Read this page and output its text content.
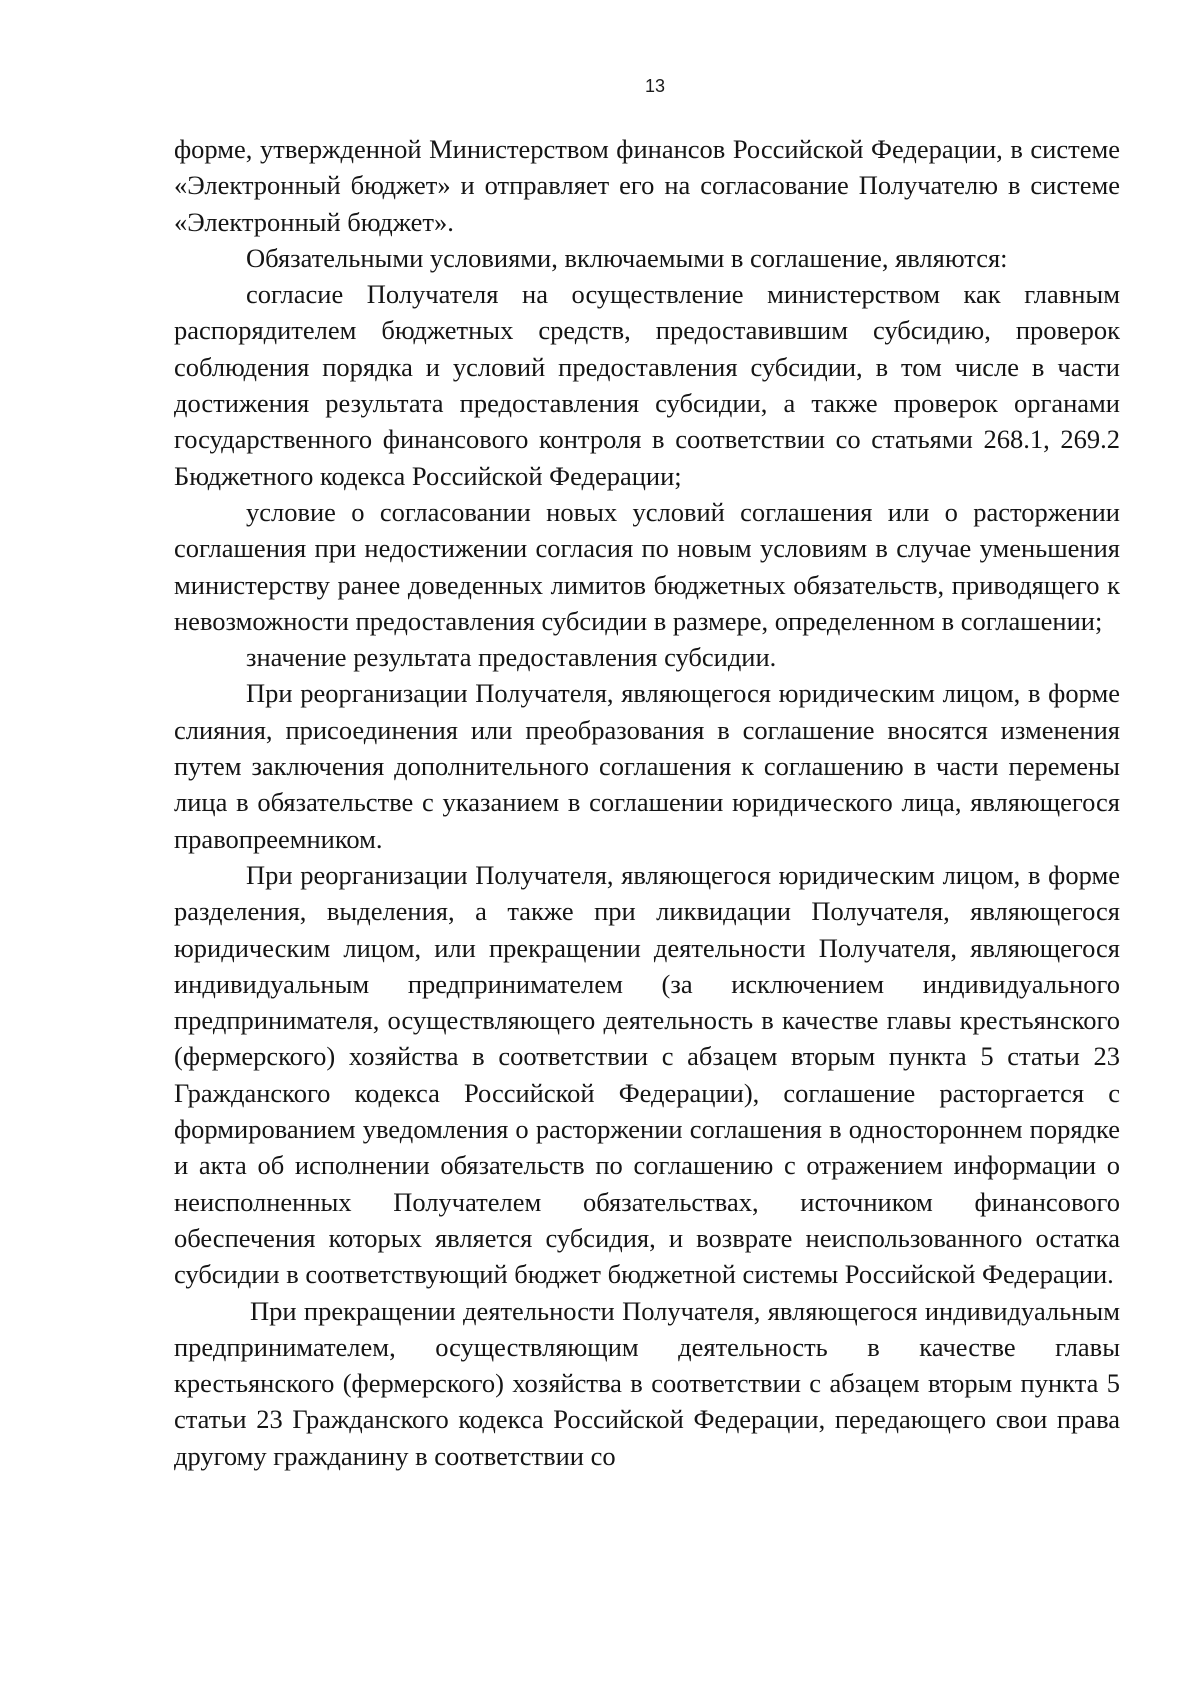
13

форме, утвержденной Министерством финансов Российской Федерации, в системе «Электронный бюджет» и отправляет его на согласование Получателю в системе «Электронный бюджет».

Обязательными условиями, включаемыми в соглашение, являются:

согласие Получателя на осуществление министерством как главным распорядителем бюджетных средств, предоставившим субсидию, проверок соблюдения порядка и условий предоставления субсидии, в том числе в части достижения результата предоставления субсидии, а также проверок органами государственного финансового контроля в соответствии со статьями 268.1, 269.2 Бюджетного кодекса Российской Федерации;

условие о согласовании новых условий соглашения или о расторжении соглашения при недостижении согласия по новым условиям в случае уменьшения министерству ранее доведенных лимитов бюджетных обязательств, приводящего к невозможности предоставления субсидии в размере, определенном в соглашении;

значение результата предоставления субсидии.

При реорганизации Получателя, являющегося юридическим лицом, в форме слияния, присоединения или преобразования в соглашение вносятся изменения путем заключения дополнительного соглашения к соглашению в части перемены лица в обязательстве с указанием в соглашении юридического лица, являющегося правопреемником.

При реорганизации Получателя, являющегося юридическим лицом, в форме разделения, выделения, а также при ликвидации Получателя, являющегося юридическим лицом, или прекращении деятельности Получателя, являющегося индивидуальным предпринимателем (за исключением индивидуального предпринимателя, осуществляющего деятельность в качестве главы крестьянского (фермерского) хозяйства в соответствии с абзацем вторым пункта 5 статьи 23 Гражданского кодекса Российской Федерации), соглашение расторгается с формированием уведомления о расторжении соглашения в одностороннем порядке и акта об исполнении обязательств по соглашению с отражением информации о неисполненных Получателем обязательствах, источником финансового обеспечения которых является субсидия, и возврате неиспользованного остатка субсидии в соответствующий бюджет бюджетной системы Российской Федерации.

При прекращении деятельности Получателя, являющегося индивидуальным предпринимателем, осуществляющим деятельность в качестве главы крестьянского (фермерского) хозяйства в соответствии с абзацем вторым пункта 5 статьи 23 Гражданского кодекса Российской Федерации, передающего свои права другому гражданину в соответствии со
